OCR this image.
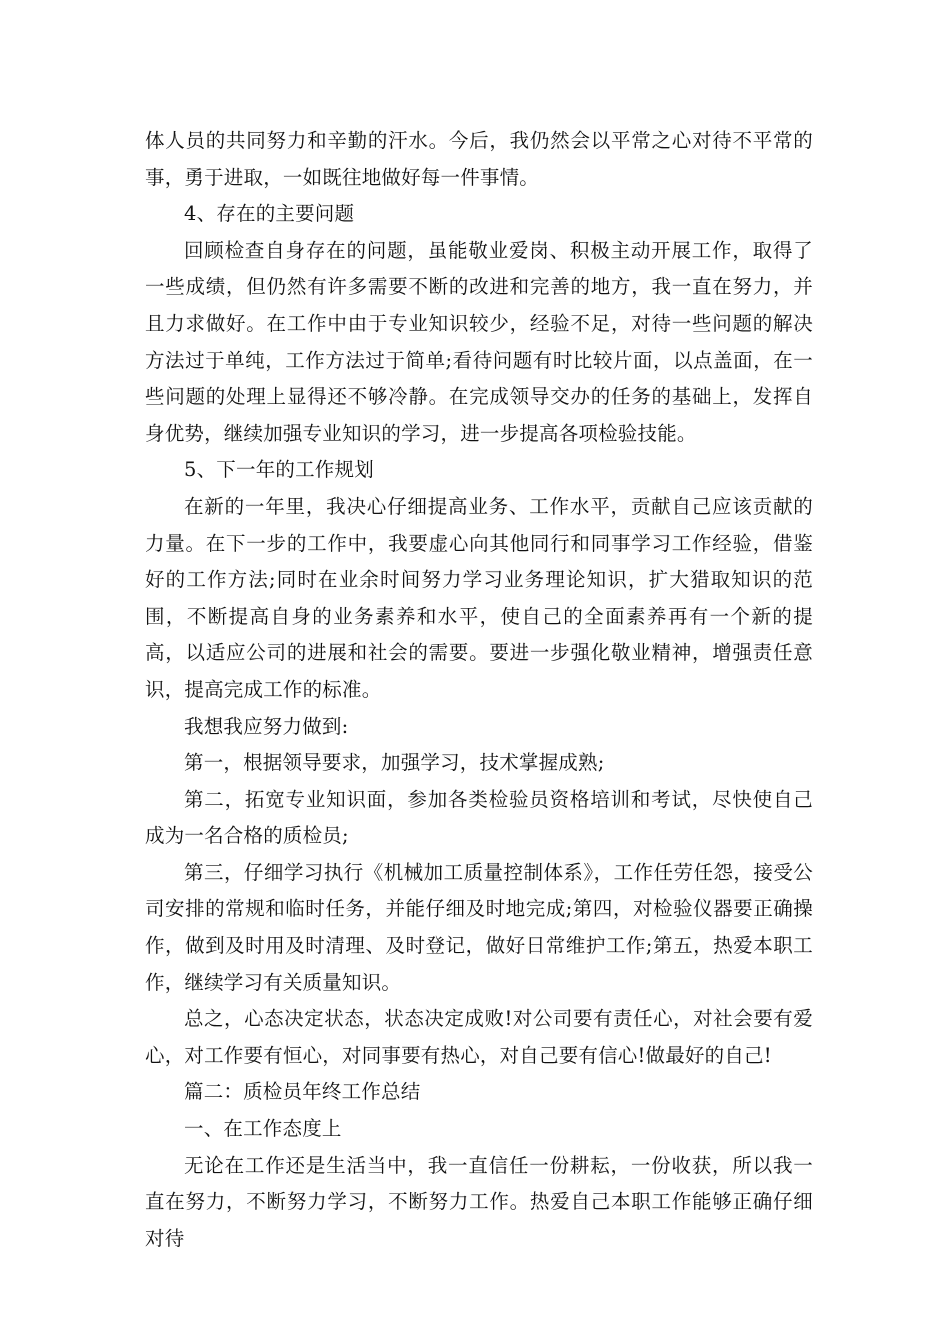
体人员的共同努力和辛勤的汗水。今后，我仍然会以平常之心对待不平常的事，勇于进取，一如既往地做好每一件事情。

4、存在的主要问题

回顾检查自身存在的问题，虽能敬业爱岗、积极主动开展工作，取得了一些成绩，但仍然有许多需要不断的改进和完善的地方，我一直在努力，并且力求做好。在工作中由于专业知识较少，经验不足，对待一些问题的解决方法过于单纯，工作方法过于简单;看待问题有时比较片面，以点盖面，在一些问题的处理上显得还不够冷静。在完成领导交办的任务的基础上，发挥自身优势，继续加强专业知识的学习，进一步提高各项检验技能。

5、下一年的工作规划

在新的一年里，我决心仔细提高业务、工作水平，贡献自己应该贡献的力量。在下一步的工作中，我要虚心向其他同行和同事学习工作经验，借鉴好的工作方法;同时在业余时间努力学习业务理论知识，扩大猎取知识的范围，不断提高自身的业务素养和水平，使自己的全面素养再有一个新的提高，以适应公司的进展和社会的需要。要进一步强化敬业精神，增强责任意识，提高完成工作的标准。

我想我应努力做到:

第一，根据领导要求，加强学习，技术掌握成熟;

第二，拓宽专业知识面，参加各类检验员资格培训和考试，尽快使自己成为一名合格的质检员;

第三，仔细学习执行《机械加工质量控制体系》，工作任劳任怨，接受公司安排的常规和临时任务，并能仔细及时地完成;第四，对检验仪器要正确操作，做到及时用及时清理、及时登记，做好日常维护工作;第五，热爱本职工作，继续学习有关质量知识。

总之，心态决定状态，状态决定成败!对公司要有责任心，对社会要有爱心，对工作要有恒心，对同事要有热心，对自己要有信心!做最好的自己!

篇二：质检员年终工作总结

一、在工作态度上

无论在工作还是生活当中，我一直信任一份耕耘，一份收获，所以我一直在努力，不断努力学习，不断努力工作。热爱自己本职工作能够正确仔细对待
